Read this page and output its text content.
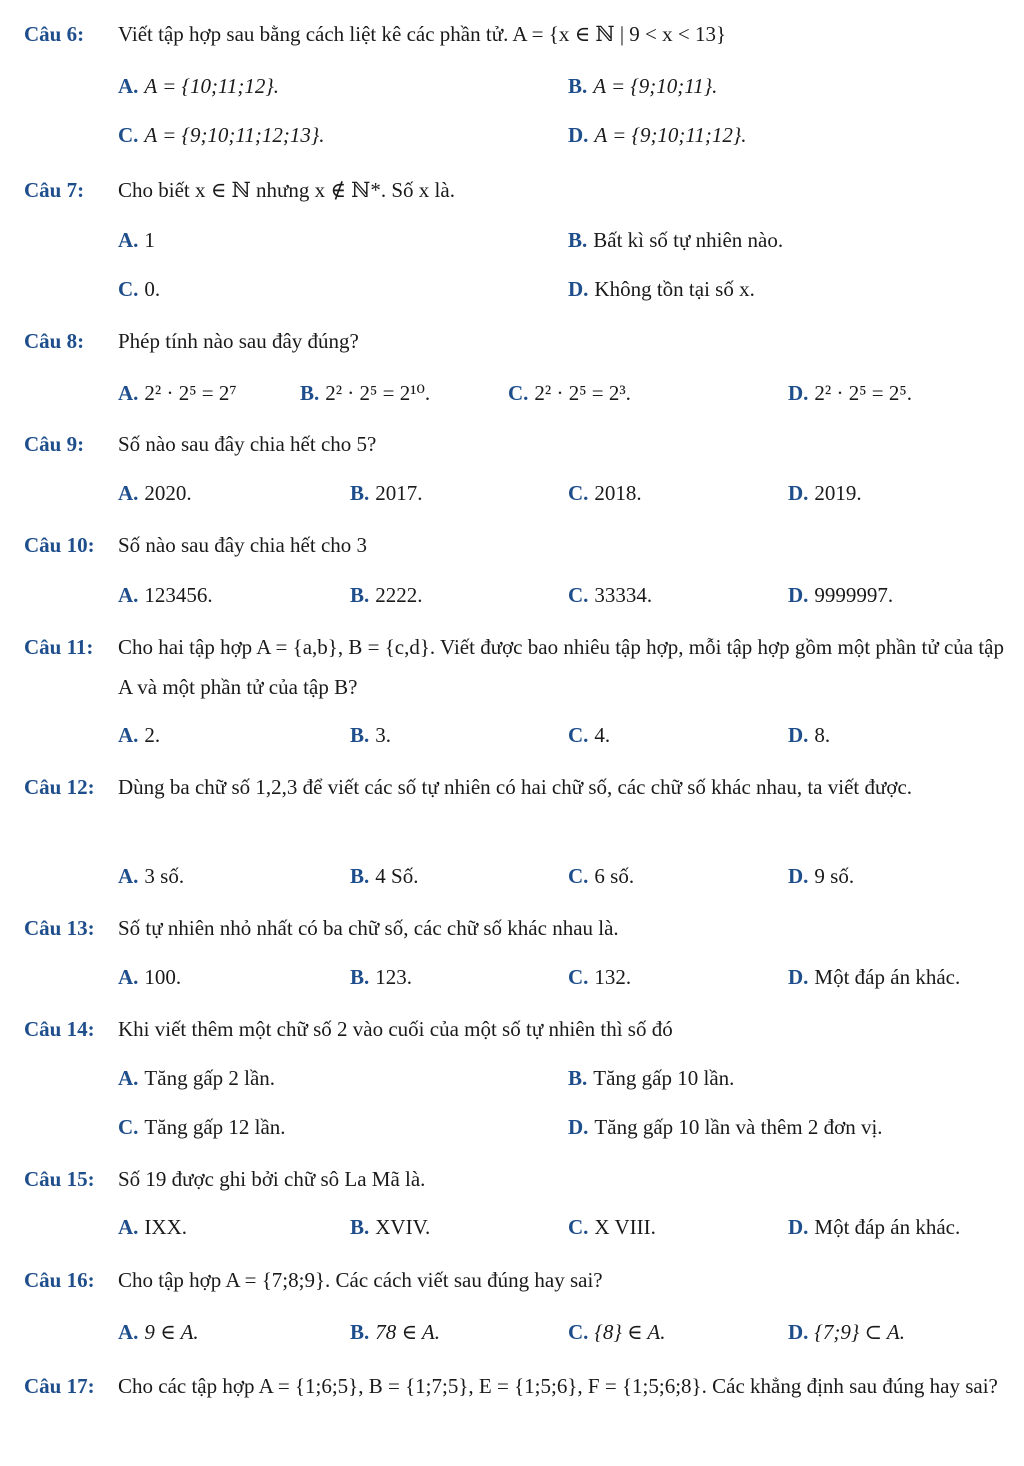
Câu 6: Viết tập hợp sau bằng cách liệt kê các phần tử. A = {x ∈ ℕ | 9 < x < 13}
A. A = {10;11;12}.	B. A = {9;10;11}.
C. A = {9;10;11;12;13}.	D. A = {9;10;11;12}.
Câu 7: Cho biết x ∈ ℕ nhưng x ∉ ℕ*. Số x là.
A. 1	B. Bất kì số tự nhiên nào.
C. 0.	D. Không tồn tại số x.
Câu 8: Phép tính nào sau đây đúng?
A. 2² · 2⁵ = 2⁷	B. 2² · 2⁵ = 2¹⁰.	C. 2² · 2⁵ = 2³.	D. 2² · 2⁵ = 2⁵.
Câu 9: Số nào sau đây chia hết cho 5?
A. 2020.	B. 2017.	C. 2018.	D. 2019.
Câu 10: Số nào sau đây chia hết cho 3
A. 123456.	B. 2222.	C. 33334.	D. 9999997.
Câu 11: Cho hai tập hợp A = {a,b}, B = {c,d}. Viết được bao nhiêu tập hợp, mỗi tập hợp gồm một phần tử của tập A và một phần tử của tập B?
A. 2.	B. 3.	C. 4.	D. 8.
Câu 12: Dùng ba chữ số 1,2,3 để viết các số tự nhiên có hai chữ số, các chữ số khác nhau, ta viết được.
A. 3 số.	B. 4 Số.	C. 6 số.	D. 9 số.
Câu 13: Số tự nhiên nhỏ nhất có ba chữ số, các chữ số khác nhau là.
A. 100.	B. 123.	C. 132.	D. Một đáp án khác.
Câu 14: Khi viết thêm một chữ số 2 vào cuối của một số tự nhiên thì số đó
A. Tăng gấp 2 lần.	B. Tăng gấp 10 lần.
C. Tăng gấp 12 lần.	D. Tăng gấp 10 lần và thêm 2 đơn vị.
Câu 15: Số 19 được ghi bởi chữ sô La Mã là.
A. IXX.	B. XVIV.	C. X VIII.	D. Một đáp án khác.
Câu 16: Cho tập hợp A = {7;8;9}. Các cách viết sau đúng hay sai?
A. 9 ∈ A.	B. 78 ∈ A.	C. {8} ∈ A.	D. {7;9} ⊂ A.
Câu 17: Cho các tập hợp A = {1;6;5}, B = {1;7;5}, E = {1;5;6}, F = {1;5;6;8}. Các khẳng định sau đúng hay sai?
